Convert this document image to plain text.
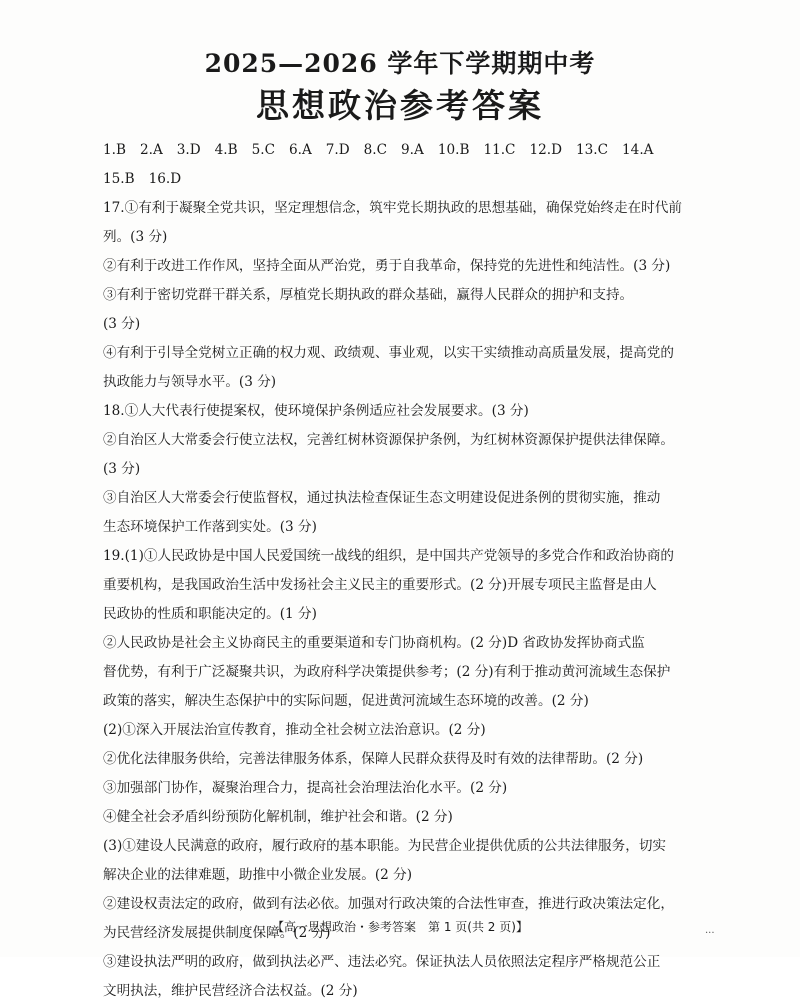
2025—2026 学年下学期期中考
思想政治参考答案
1.B 2.A 3.D 4.B 5.C 6.A 7.D 8.C 9.A 10.B 11.C 12.D 13.C 14.A
15.B 16.D
17.①有利于凝聚全党共识，坚定理想信念，筑牢党长期执政的思想基础，确保党始终走在时代前
列。(3 分)
②有利于改进工作作风，坚持全面从严治党，勇于自我革命，保持党的先进性和纯洁性。(3 分)
③有利于密切党群干群关系，厚植党长期执政的群众基础，赢得人民群众的拥护和支持。
(3 分)
④有利于引导全党树立正确的权力观、政绩观、事业观，以实干实绩推动高质量发展，提高党的
执政能力与领导水平。(3 分)
18.①人大代表行使提案权，使环境保护条例适应社会发展要求。(3 分)
②自治区人大常委会行使立法权，完善红树林资源保护条例，为红树林资源保护提供法律保障。
(3 分)
③自治区人大常委会行使监督权，通过执法检查保证生态文明建设促进条例的贯彻实施，推动
生态环境保护工作落到实处。(3 分)
19.(1)①人民政协是中国人民爱国统一战线的组织，是中国共产党领导的多党合作和政治协商的
重要机构，是我国政治生活中发扬社会主义民主的重要形式。(2 分)开展专项民主监督是由人
民政协的性质和职能决定的。(1 分)
②人民政协是社会主义协商民主的重要渠道和专门协商机构。(2 分)D 省政协发挥协商式监
督优势，有利于广泛凝聚共识，为政府科学决策提供参考；(2 分)有利于推动黄河流域生态保护
政策的落实，解决生态保护中的实际问题，促进黄河流域生态环境的改善。(2 分)
(2)①深入开展法治宣传教育，推动全社会树立法治意识。(2 分)
②优化法律服务供给，完善法律服务体系，保障人民群众获得及时有效的法律帮助。(2 分)
③加强部门协作，凝聚治理合力，提高社会治理法治化水平。(2 分)
④健全社会矛盾纠纷预防化解机制，维护社会和谐。(2 分)
(3)①建设人民满意的政府，履行政府的基本职能。为民营企业提供优质的公共法律服务，切实
解决企业的法律难题，助推中小微企业发展。(2 分)
②建设权责法定的政府，做到有法必依。加强对行政决策的合法性审查，推进行政决策法定化，
为民营经济发展提供制度保障。(2 分)
③建设执法严明的政府，做到执法必严、违法必究。保证执法人员依照法定程序严格规范公正
文明执法，维护民营经济合法权益。(2 分)
【高一思想政治・参考答案　第 1 页(共 2 页)】	...
